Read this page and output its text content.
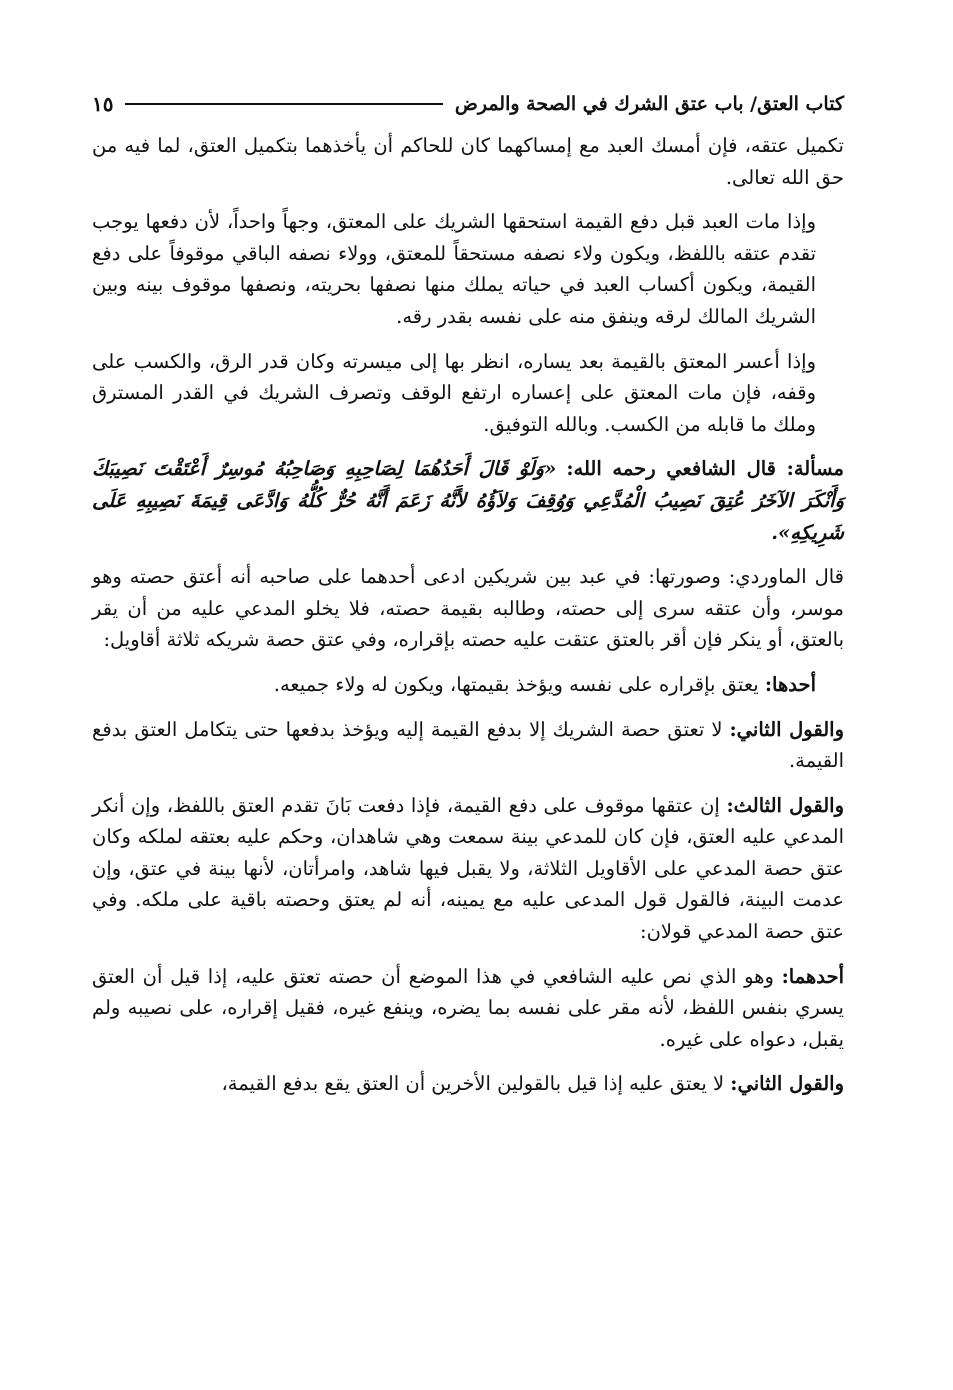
كتاب العتق/ باب عتق الشرك في الصحة والمرض
١٥

تكميل عتقه، فإن أمسك العبد مع إمساكهما كان للحاكم أن يأخذهما بتكميل العتق، لما فيه من حق الله تعالى.

وإذا مات العبد قبل دفع القيمة استحقها الشريك على المعتق، وجهاً واحداً، لأن دفعها يوجب تقدم عتقه باللفظ، ويكون ولاء نصفه مستحقاً للمعتق، وولاء نصفه الباقي موقوفاً على دفع القيمة، ويكون أكساب العبد في حياته يملك منها نصفها بحريته، ونصفها موقوف بينه وبين الشريك المالك لرقه وينفق منه على نفسه بقدر رقه.

وإذا أعسر المعتق بالقيمة بعد يساره، انظر بها إلى ميسرته وكان قدر الرق، والكسب على وقفه، فإن مات المعتق على إعساره ارتفع الوقف وتصرف الشريك في القدر المسترق وملك ما قابله من الكسب. وبالله التوفيق.

مسألة: قال الشافعي رحمه الله: «وَلَوْ قَالَ أَحَدُهُمَا لِصَاحِبِهِ وَصَاحِبُهُ مُوسِرٌ أَعْتَقْتَ نَصِيبَكَ وَأَنْكَرَ الآخَرُ عُتِقَ نَصِيبُ الْمُدَّعِي وَوُقِفَ وَلاَؤُهُ لأَنَّهُ زَعَمَ أَنَّهُ حُرٌّ كُلُّهُ وَادَّعَى قِيمَةَ نَصِيبِهِ عَلَى شَرِيكِهِ».

قال الماوردي: وصورتها: في عبد بين شريكين ادعى أحدهما على صاحبه أنه أعتق حصته وهو موسر، وأن عتقه سرى إلى حصته، وطالبه بقيمة حصته، فلا يخلو المدعي عليه من أن يقر بالعتق، أو ينكر فإن أقر بالعتق عتقت عليه حصته بإقراره، وفي عتق حصة شريكه ثلاثة أقاويل:

أحدها: يعتق بإقراره على نفسه ويؤخذ بقيمتها، ويكون له ولاء جميعه.

والقول الثاني: لا تعتق حصة الشريك إلا بدفع القيمة إليه ويؤخذ بدفعها حتى يتكامل العتق بدفع القيمة.

والقول الثالث: إن عتقها موقوف على دفع القيمة، فإذا دفعت بَانَ تقدم العتق باللفظ، وإن أنكر المدعي عليه العتق، فإن كان للمدعي بينة سمعت وهي شاهدان، وحكم عليه بعتقه لملكه وكان عتق حصة المدعي على الأقاويل الثلاثة، ولا يقبل فيها شاهد، وامرأتان، لأنها بينة في عتق، وإن عدمت البينة، فالقول قول المدعى عليه مع يمينه، أنه لم يعتق وحصته باقية على ملكه. وفي عتق حصة المدعي قولان:

أحدهما: وهو الذي نص عليه الشافعي في هذا الموضع أن حصته تعتق عليه، إذا قيل أن العتق يسري بنفس اللفظ، لأنه مقر على نفسه بما يضره، وينفع غيره، فقيل إقراره، على نصيبه ولم يقبل، دعواه على غيره.

والقول الثاني: لا يعتق عليه إذا قيل بالقولين الأخرين أن العتق يقع بدفع القيمة،
